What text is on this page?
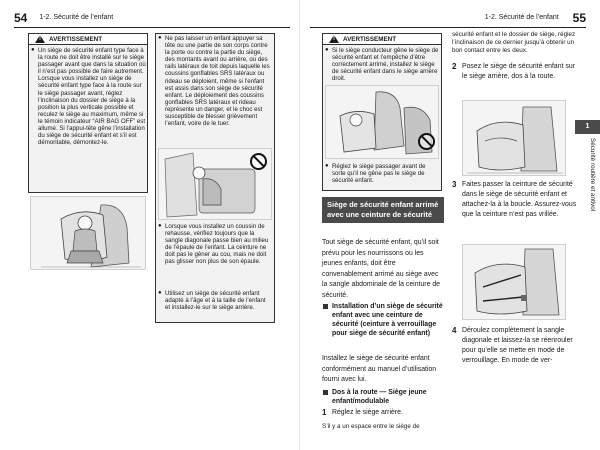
54 1-2. Sécurité de l’enfant
!
AVERTISSEMENT
● Un siège de sécurité enfant type face à la route ne doit être installé sur le siège passager avant que dans la situation où il n’est pas possible de faire autrement. Lorsque vous installez un siège de sécurité enfant type face à la route sur le siège passager avant, réglez l’inclinaison du dossier de siège à la position la plus verticale possible et reculez le siège au maximum, même si le témoin indicateur “AIR BAG OFF” est allumé. Si l’appui-tête gêne l’installation du siège de sécurité enfant et s’il est démontable, démontez-le.
● Ne pas laisser un enfant appuyer sa tête ou une partie de son corps contre la porte ou contre la partie du siège, des montants avant ou arrière, ou des rails latéraux de toit depuis laquelle les coussins gonflables SRS latéraux ou rideau se déploient, même si l’enfant est assis dans son siège de sécurité enfant. Le déploiement des coussins gonflables SRS latéraux et rideau représente un danger, et le choc est susceptible de blesser grièvement l’enfant, voire de le tuer.
● Lorsque vous installez un coussin de rehausse, vérifiez toujours que la sangle diagonale passe bien au milieu de l’épaule de l’enfant. La ceinture ne doit pas le gêner au cou, mais ne doit pas glisser non plus de son épaule.
● Utilisez un siège de sécurité enfant adapté à l’âge et à la taille de l’enfant et installez-le sur le siège arrière.
1-2. Sécurité de l’enfant 55
!
AVERTISSEMENT
● Si le siège conducteur gêne le siège de sécurité enfant et l’empêche d’être correctement arrimé, installez le siège de sécurité enfant dans le siège arrière droit.
● Réglez le siège passager avant de sorte qu’il ne gêne pas le siège de sécurité enfant.
Siège de sécurité enfant arrimé avec une ceinture de sécurité
Tout siège de sécurité enfant, qu’il soit prévu pour les nourrissons ou les jeunes enfants, doit être convenablement arrimé au siège avec la sangle abdominale de la ceinture de sécurité.
Installation d’un siège de sécurité enfant avec une ceinture de sécurité (ceinture à verrouillage pour siège de sécurité enfant)
Installez le siège de sécurité enfant conformément au manuel d’utilisation fourni avec lui.
Dos à la route — Siège jeune enfant/modulable
1 Réglez le siège arrière.
S’il y a un espace entre le siège de
sécurité enfant et le dossier de siège, réglez l’inclinaison de ce dernier jusqu’à obtenir un bon contact entre les deux.
2 Posez le siège de sécurité enfant sur le siège arrière, dos à la route.
3 Faites passer la ceinture de sécurité dans le siège de sécurité enfant et attachez-la à la boucle. Assurez-vous que la ceinture n’est pas vrillée.
4 Déroulez complètement la sangle diagonale et laissez-la se réenrouler pour qu’elle se mette en mode de verrouillage. En mode de ver-
1
Sécurité routière et antivol
